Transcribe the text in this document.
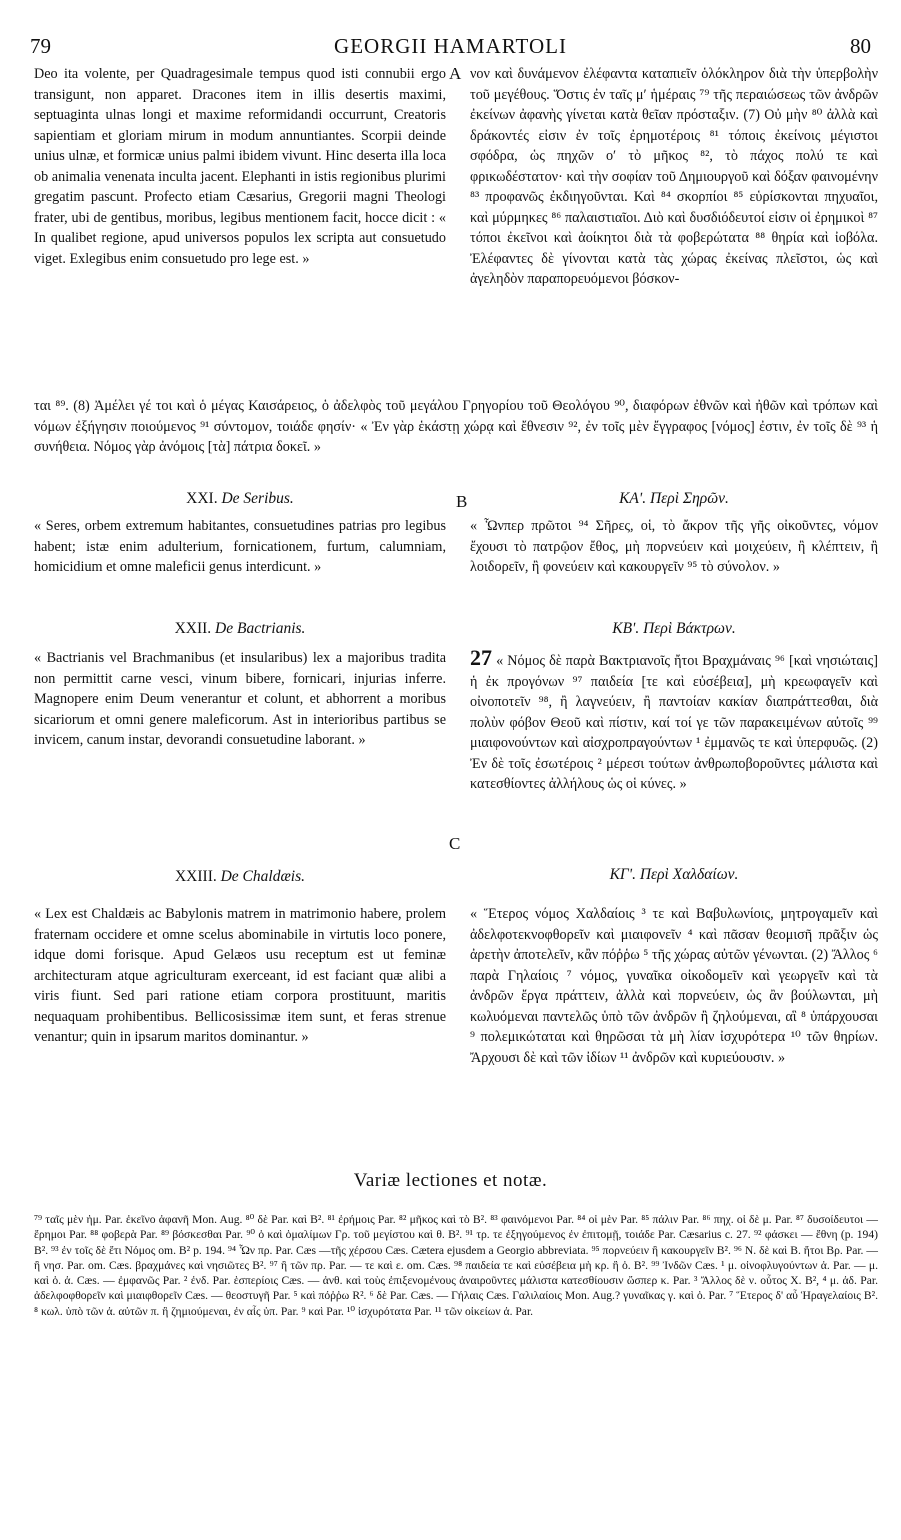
79	GEORGII HAMARTOLI	80

Deo ita volente, per Quadragesimale tempus quod isti connubii ergo transigunt, non apparet. Dracones item in illis desertis maximi, septuaginta ulnas longi et maxime reformidandi occurrunt, Creatoris sapientiam et gloriam mirum in modum annuntiantes. Scorpii deinde unius ulnæ, et formicæ unius palmi ibidem vivunt. Hinc deserta illa loca ob animalia venenata inculta jacent. Elephanti in istis regionibus plurimi gregatim pascunt. Profecto etiam Cæsarius, Gregorii magni Theologi frater, ubi de gentibus, moribus, legibus mentionem facit, hocce dicit : « In qualibet regione, apud universos populos lex scripta aut consuetudo viget. Exlegibus enim consuetudo pro lege est. »

A νον καὶ δυνάμενον ἐλέφαντα καταπιεῖν ὁλόκληρον διὰ τὴν ὑπερβολὴν τοῦ μεγέθους. Ὅστις ἐν ταῖς μʹ ἡμέραις ⁷⁹ τῆς περαιώσεως τῶν ἀνδρῶν ἐκείνων ἀφανὴς γίνεται κατὰ θεῖαν πρόσταξιν. (7) Οὐ μὴν ⁸⁰ ἀλλὰ καὶ δράκοντές εἰσιν ἐν τοῖς ἐρημοτέροις ⁸¹ τόποις ἐκείνοις μέγιστοι σφόδρα, ὡς πηχῶν οʹ τὸ μῆκος ⁸², τὸ πάχος πολύ τε καὶ φρικωδέστατον· καὶ τὴν σοφίαν τοῦ Δημιουργοῦ καὶ δόξαν φαινομένην ⁸³ προφανῶς ἐκδιηγοῦνται. Καὶ ⁸⁴ σκορπίοι ⁸⁵ εὑρίσκονται πηχυαῖοι, καὶ μύρμηκες ⁸⁶ παλαιστιαῖοι. Διὸ καὶ δυσδιόδευτοί εἰσιν οἱ ἐρημικοὶ ⁸⁷ τόποι ἐκεῖνοι καὶ ἀοίκητοι διὰ τὰ φοβερώτατα ⁸⁸ θηρία καὶ ἰοβόλα. Ἐλέφαντες δὲ γίνονται κατὰ τὰς χώρας ἐκείνας πλεῖστοι, ὡς καὶ ἀγεληδὸν παραπορευόμενοι βόσκον-

ται ⁸⁹. (8) Ἀμέλει γέ τοι καὶ ὁ μέγας Καισάρειος, ὁ ἀδελφὸς τοῦ μεγάλου Γρηγορίου τοῦ Θεολόγου ⁹⁰, διαφόρων ἐθνῶν καὶ ἠθῶν καὶ τρόπων καὶ νόμων ἐξήγησιν ποιούμενος ⁹¹ σύντομον, τοιάδε φησίν· « Ἐν γὰρ ἑκάστῃ χώρᾳ καὶ ἔθνεσιν ⁹², ἐν τοῖς μὲν ἔγγραφος [νόμος] ἐστιν, ἐν τοῖς δὲ ⁹³ ἡ συνήθεια. Νόμος γὰρ ἀνόμοις [τὰ] πάτρια δοκεῖ. »

XXI. De Seribus.	B	ΚΑʹ. Περὶ Σηρῶν.

« Seres, orbem extremum habitantes, consuetudines patrias pro legibus habent; istæ enim adulterium, fornicationem, furtum, calumniam, homicidium et omne maleficii genus interdicunt. »

« Ὧνπερ πρῶτοι ⁹⁴ Σῆρες, οἱ, τὸ ἄκρον τῆς γῆς οἰκοῦντες, νόμον ἔχουσι τὸ πατρῷον ἔθος, μὴ πορνεύειν καὶ μοιχεύειν, ἢ κλέπτειν, ἢ λοιδορεῖν, ἢ φονεύειν καὶ κακουργεῖν ⁹⁵ τὸ σύνολον. »

XXII. De Bactrianis.	ΚΒʹ. Περὶ Βάκτρων.

« Bactrianis vel Brachmanibus (et insularibus) lex a majoribus tradita non permittit carne vesci, vinum bibere, fornicari, injurias inferre. Magnopere enim Deum venerantur et colunt, et abhorrent a moribus sicariorum et omni genere maleficorum. Ast in interioribus partibus se invicem, canum instar, devorandi consuetudine laborant. »

27 « Νόμος δὲ παρὰ Βακτριανοῖς ἤτοι Βραχμάναις ⁹⁶ [καὶ νησιώταις] ἡ ἐκ προγόνων ⁹⁷ παιδεία [τε καὶ εὐσέβεια], μὴ κρεωφαγεῖν καὶ οἰνοποτεῖν ⁹⁸, ἢ λαγνεύειν, ἢ παντοίαν κακίαν διαπράττεσθαι, διὰ πολὺν φόβον Θεοῦ καὶ πίστιν, καί τοί γε τῶν παρακειμένων αὐτοῖς ⁹⁹ μιαιφονούντων καὶ αἰσχροπραγούντων ¹ ἐμμανῶς τε καὶ ὑπερφυῶς. (2) Ἐν δὲ τοῖς ἐσωτέροις ² μέρεσι τούτων ἀνθρωποβοροῦντες μάλιστα καὶ κατεσθίοντες ἀλλήλους ὡς οἱ κύνες. »

C
XXIII. De Chaldæis.	ΚΓʹ. Περὶ Χαλδαίων.

« Lex est Chaldæis ac Babylonis matrem in matrimonio habere, prolem fraternam occidere et omne scelus abominabile in virtutis loco ponere, idque domi forisque. Apud Gelæos usu receptum est ut feminæ architecturam atque agriculturam exerceant, id est faciant quæ alibi a viris fiunt. Sed pari ratione etiam corpora prostituunt, maritis nequaquam prohibentibus. Bellicosissimæ item sunt, et feras strenue venantur; quin in ipsarum maritos dominantur. »

« Ἕτερος νόμος Χαλδαίοις ³ τε καὶ Βαβυλωνίοις, μητρογαμεῖν καὶ ἀδελφοτεκνοφθορεῖν καὶ μιαιφονεῖν ⁴ καὶ πᾶσαν θεομισῆ πρᾶξιν ὡς ἀρετὴν ἀποτελεῖν, κἂν πόῤῥω ⁵ τῆς χώρας αὐτῶν γένωνται. (2) Ἄλλος ⁶ παρὰ Γηλαίοις ⁷ νόμος, γυναῖκα οἰκοδομεῖν καὶ γεωργεῖν καὶ τὰ ἀνδρῶν ἔργα πράττειν, ἀλλὰ καὶ πορνεύειν, ὡς ἂν βούλωνται, μὴ κωλυόμεναι παντελῶς ὑπὸ τῶν ἀνδρῶν ἢ ζηλούμεναι, αἳ ⁸ ὑπάρχουσαι ⁹ πολεμικώταται καὶ θηρῶσαι τὰ μὴ λίαν ἰσχυρότερα ¹⁰ τῶν θηρίων. Ἄρχουσι δὲ καὶ τῶν ἰδίων ¹¹ ἀνδρῶν καὶ κυριεύουσιν. »

Variæ lectiones et notæ.

⁷⁹ ταῖς μὲν ἡμ. Par. ἐκεῖνο ἀφανῆ Mon. Aug. ⁸⁰ δὲ Par. καὶ B². ⁸¹ ἐρήμοις Par. ⁸² μῆκος καὶ τὸ B². ⁸³ φαινόμενοι Par. ⁸⁴ οἱ μὲν Par. ⁸⁵ πάλιν Par. ⁸⁶ πηχ. οἱ δὲ μ. Par. ⁸⁷ δυσοίδευτοι — ἔρημοι Par. ⁸⁸ φοβερὰ Par. ⁸⁹ βόσκεσθαι Par. ⁹⁰ ὁ καὶ ὁμαλίμων Γρ. τοῦ μεγίστου καὶ θ. B². ⁹¹ τρ. τε ἐξηγούμενος ἐν ἐπιτομῇ, τοιάδε Par. Cæsarius c. 27. ⁹² φάσκει — ἔθνη (p. 194) B². ⁹³ ἐν τοῖς δὲ ἔτι Νόμος om. B² p. 194. ⁹⁴ Ὧν πρ. Par. Cæs —τῆς χέρσου Cæs. Cætera ejusdem a Georgio abbreviata. ⁹⁵ πορνεύειν ἢ κακουργεῖν B². ⁹⁶ N. δὲ καὶ B. ἤτοι Βρ. Par. — ἢ νησ. Par. om. Cæs. βραχμάνες καὶ νησιῶτες B². ⁹⁷ ἢ τῶν πρ. Par. — τε καὶ ε. om. Cæs. ⁹⁸ παιδεία τε καὶ εὐσέβεια μὴ κρ. ἢ ὁ. B². ⁹⁹ Ἰνδῶν Cæs. ¹ μ. οἰνοφλυγούντων ἀ. Par. — μ. καὶ ὁ. ἀ. Cæs. — ἐμφανῶς Par. ² ἐνδ. Par. ἑσπερίοις Cæs. — ἀνθ. καὶ τοὺς ἐπιξενομένους ἀναιροῦντες μάλιστα κατεσθίουσιν ὥσπερ κ. Par. ³ Ἄλλος δὲ ν. οὗτος X. B², ⁴ μ. ἀδ. Par. ἀδελφοφθορεῖν καὶ μιαιφθορεῖν Cæs. — θεοστυγῆ Par. ⁵ καὶ πόῤῥω R². ⁶ δὲ Par. Cæs. — Γήλαις Cæs. Γαλιλαίοις Mon. Aug.? γυναῖκας γ. καὶ ὁ. Par. ⁷ Ἕτερος δ' αὖ Ἡραγελαίοις B². ⁸ κωλ. ὑπὸ τῶν ἀ. αὐτῶν π. ἢ ζημιούμεναι, ἐν αἷς ὑπ. Par. ⁹ καὶ Par. ¹⁰ ἰσχυρότατα Par. ¹¹ τῶν οἰκείων ἀ. Par.
